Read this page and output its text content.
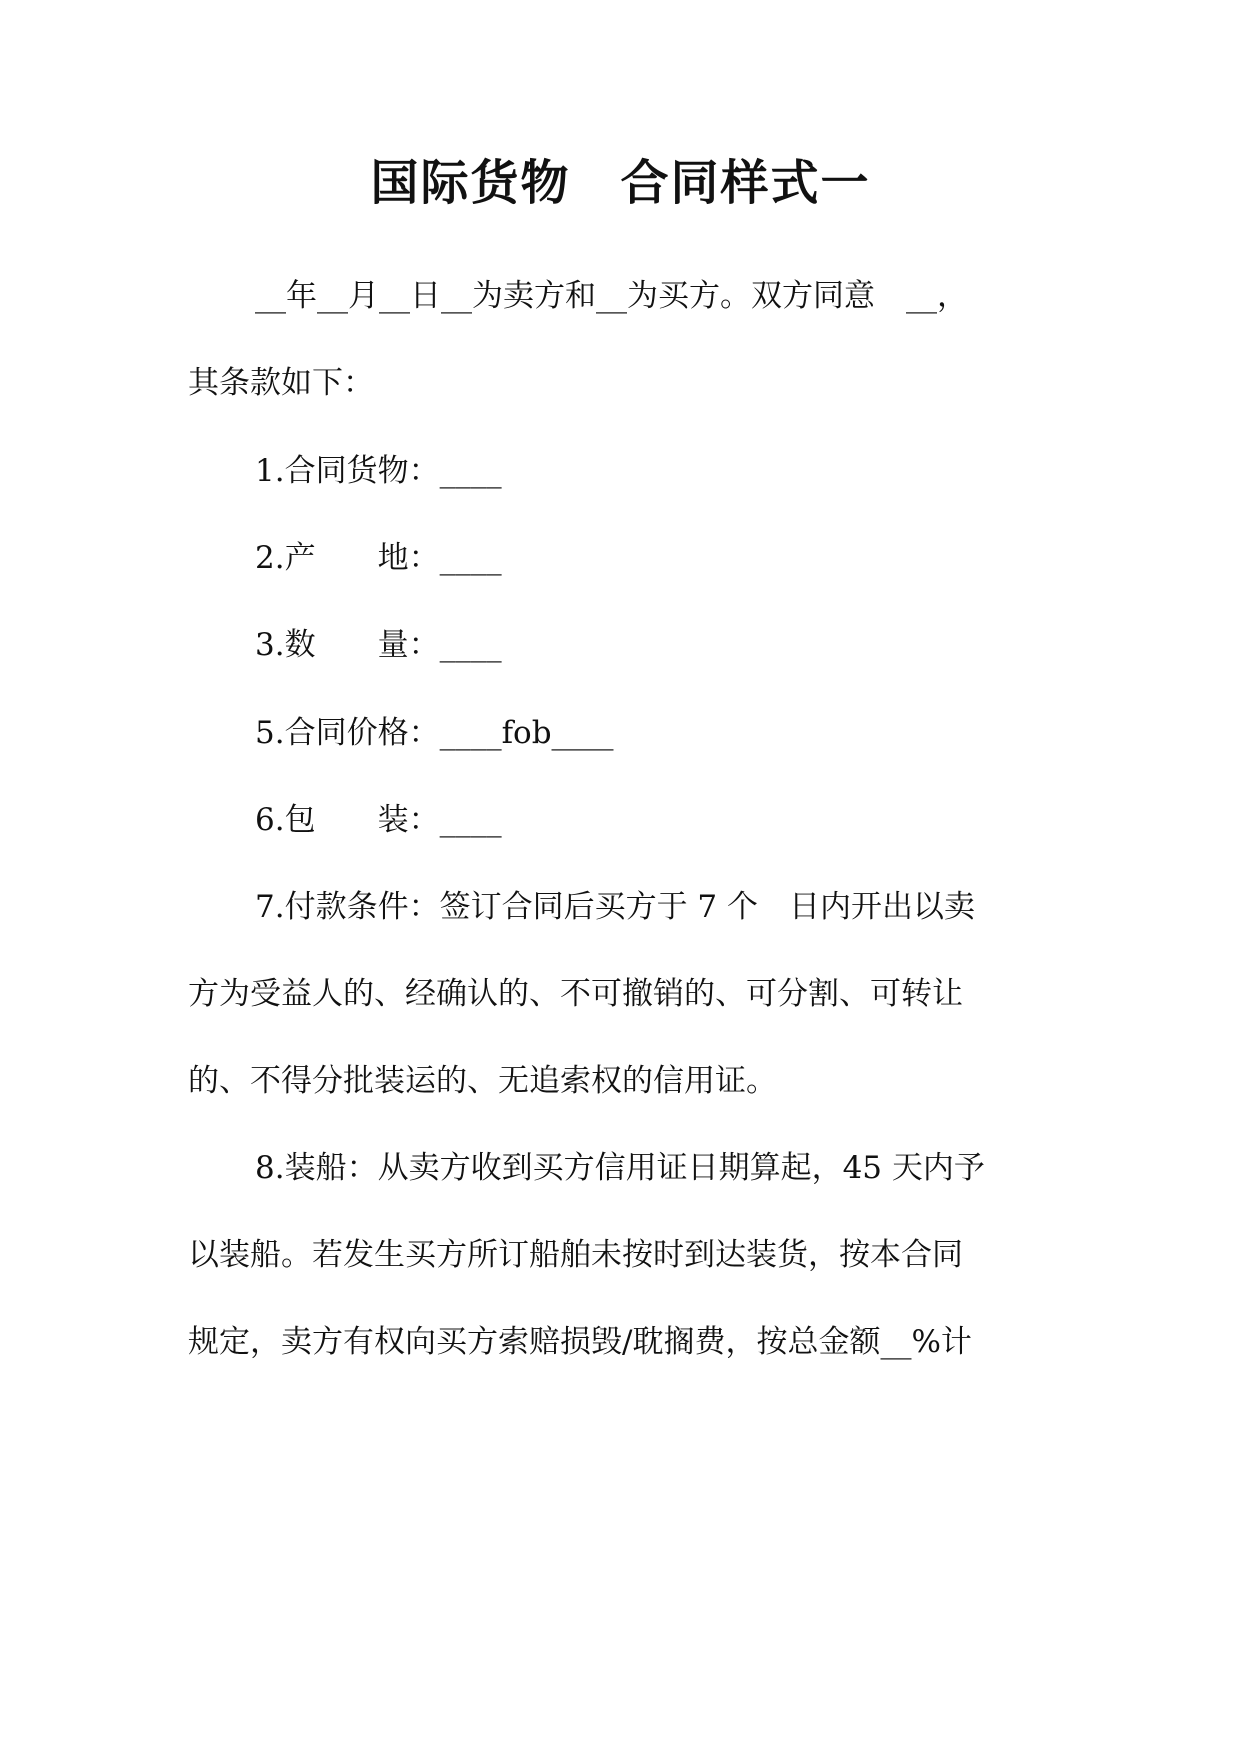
国际货物　合同样式一

__年__月__日__为卖方和__为买方。双方同意　__，

其条款如下：

1.合同货物：____

2.产　　地：____

3.数　　量：____

5.合同价格：____fob____

6.包　　装：____

7.付款条件：签订合同后买方于 7 个　日内开出以卖

方为受益人的、经确认的、不可撤销的、可分割、可转让

的、不得分批装运的、无追索权的信用证。

8.装船：从卖方收到买方信用证日期算起，45 天内予

以装船。若发生买方所订船舶未按时到达装货，按本合同

规定，卖方有权向买方索赔损毁/耽搁费，按总金额__%计
